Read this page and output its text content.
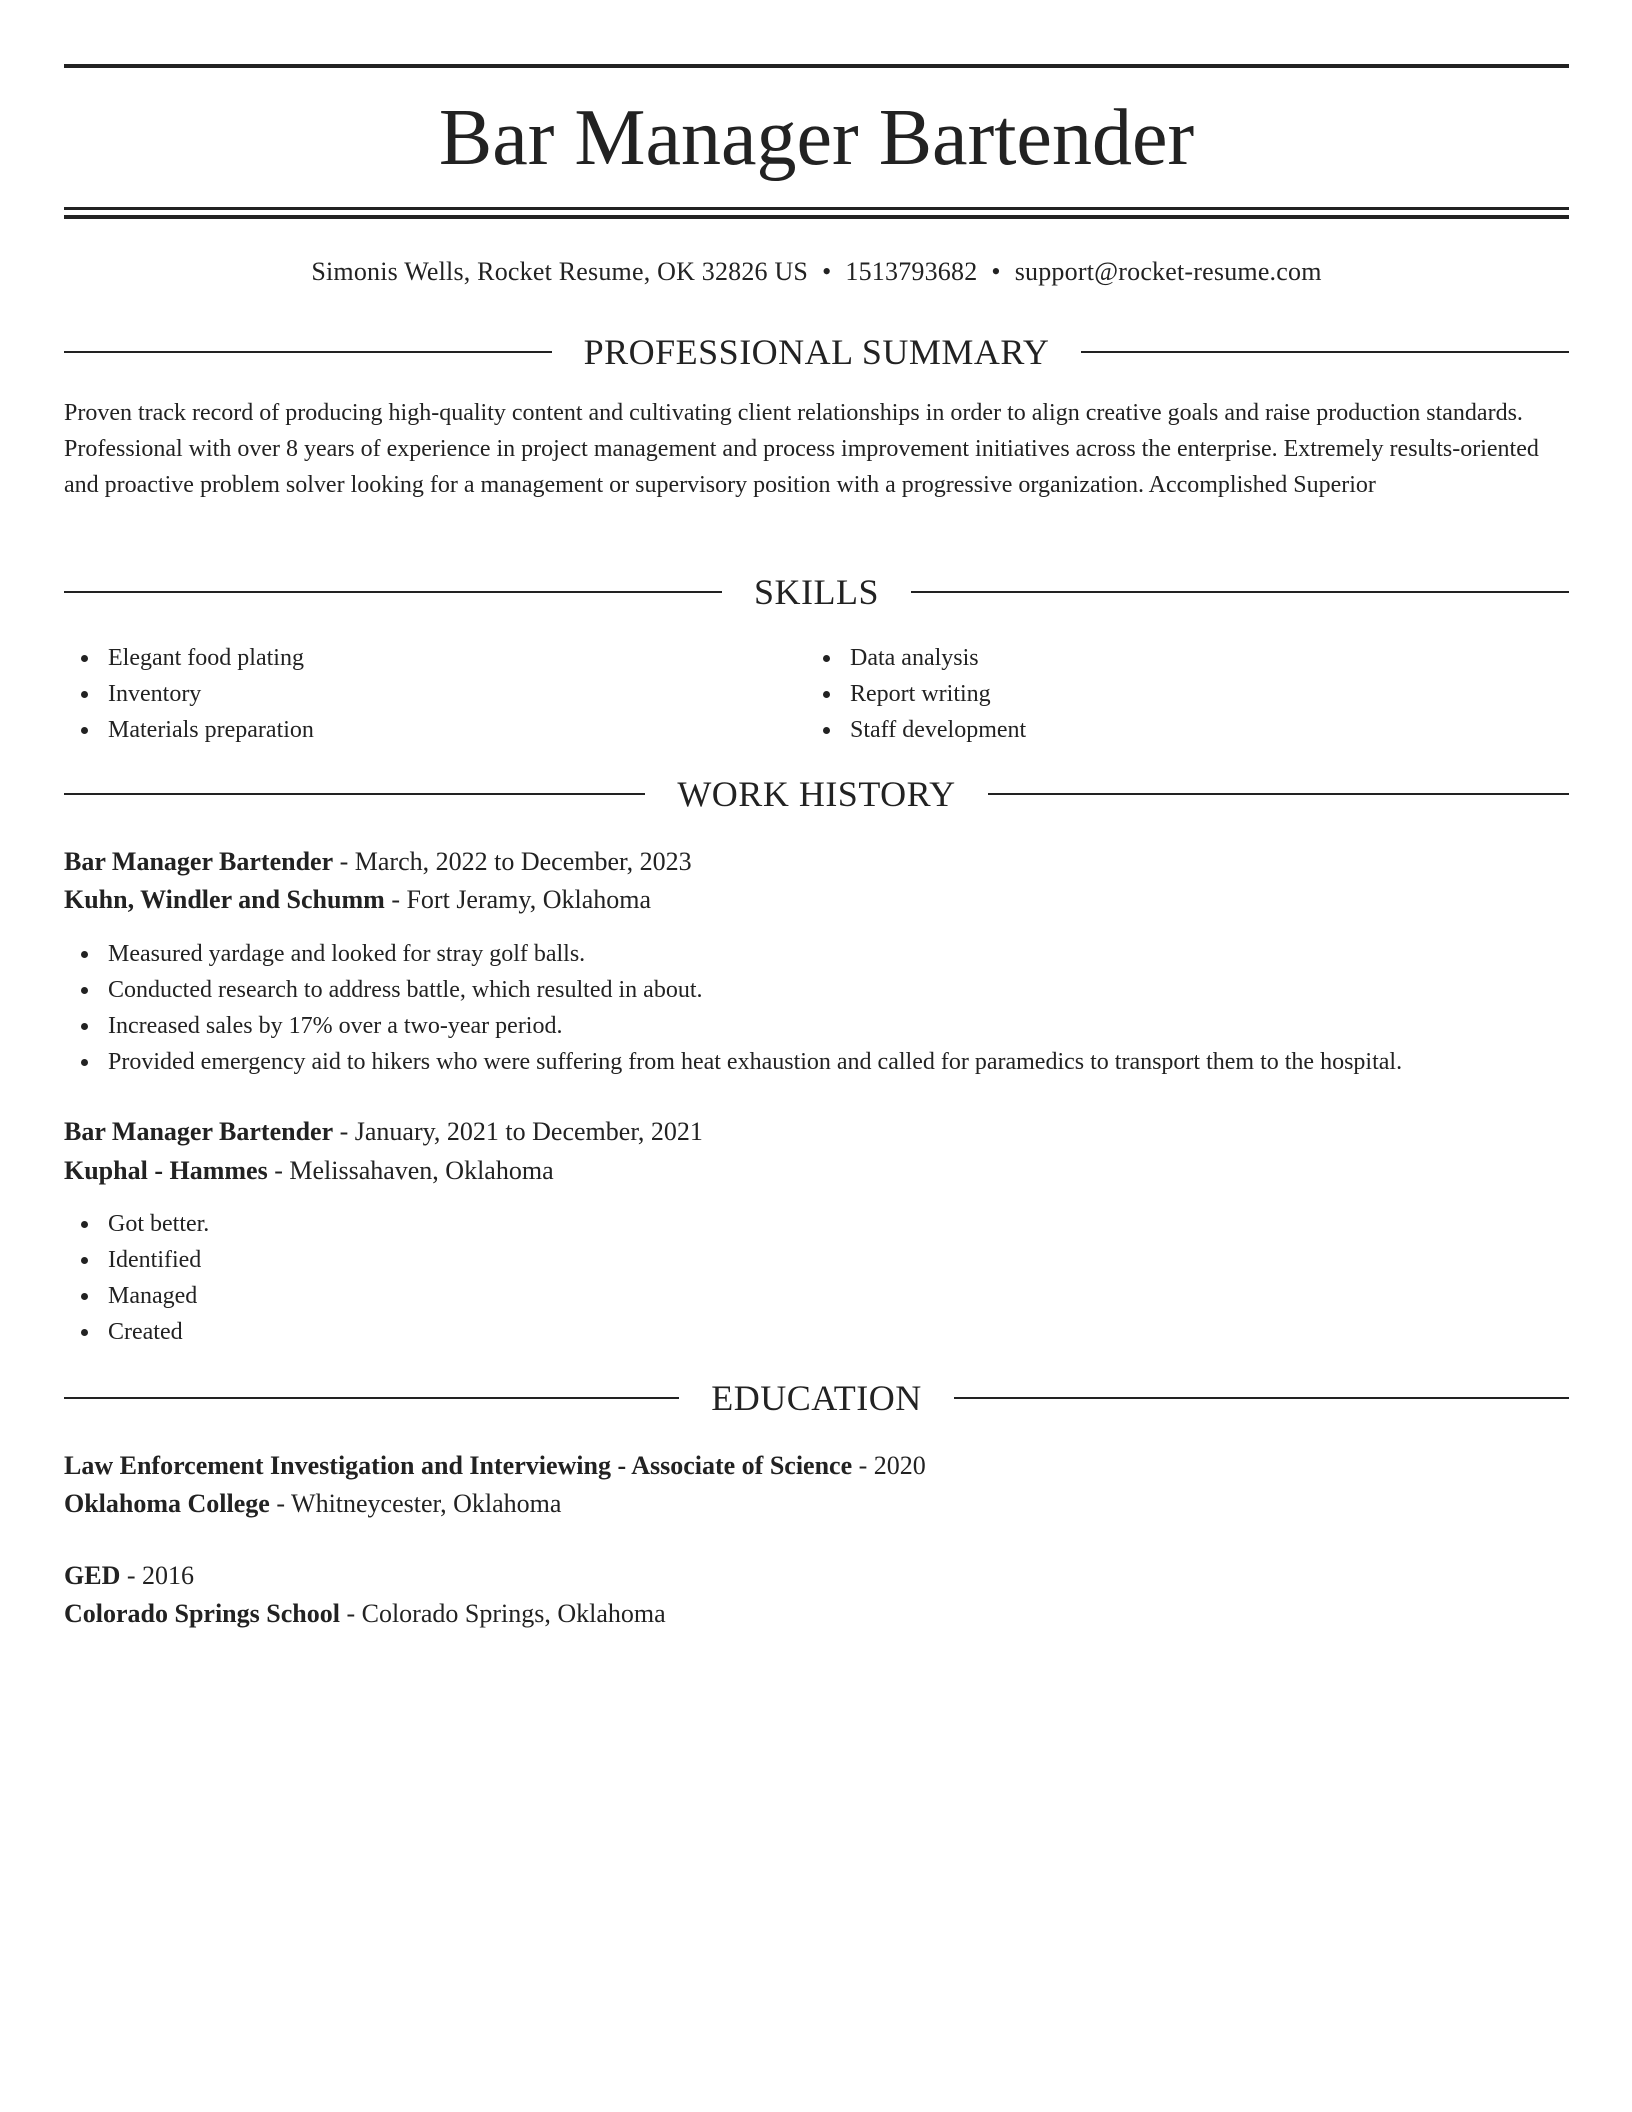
Bar Manager Bartender
Simonis Wells, Rocket Resume, OK 32826 US • 1513793682 • support@rocket-resume.com
PROFESSIONAL SUMMARY

Proven track record of producing high-quality content and cultivating client relationships in order to align creative goals and raise production standards. Professional with over 8 years of experience in project management and process improvement initiatives across the enterprise. Extremely results-oriented and proactive problem solver looking for a management or supervisory position with a progressive organization. Accomplished Superior

SKILLS
Elegant food plating
Inventory
Materials preparation
Data analysis
Report writing
Staff development
WORK HISTORY
Bar Manager Bartender - March, 2022 to December, 2023
Kuhn, Windler and Schumm - Fort Jeramy, Oklahoma
Measured yardage and looked for stray golf balls.
Conducted research to address battle, which resulted in about.
Increased sales by 17% over a two-year period.
Provided emergency aid to hikers who were suffering from heat exhaustion and called for paramedics to transport them to the hospital.
Bar Manager Bartender - January, 2021 to December, 2021
Kuphal - Hammes - Melissahaven, Oklahoma
Got better.
Identified
Managed
Created
EDUCATION
Law Enforcement Investigation and Interviewing - Associate of Science - 2020
Oklahoma College - Whitneycester, Oklahoma
GED - 2016
Colorado Springs School - Colorado Springs, Oklahoma
